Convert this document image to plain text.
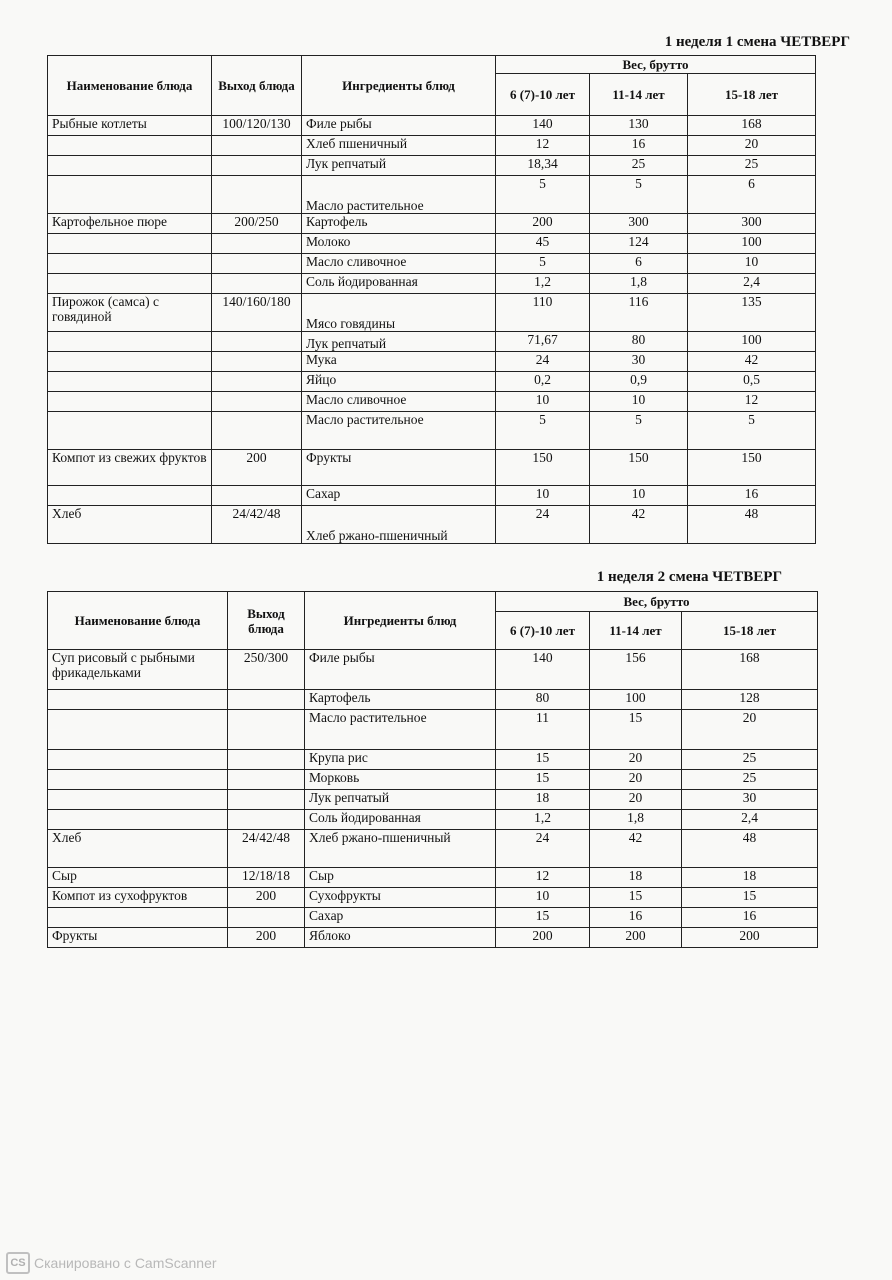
1 неделя 1 смена ЧЕТВЕРГ
Наименование блюда	Выход блюда	Ингредиенты блюд	Вес, брутто		
			6 (7)-10 лет	11-14 лет	15-18 лет
Рыбные котлеты	100/120/130	Филе рыбы	140	130	168
		Хлеб пшеничный	12	16	20
		Лук репчатый	18,34	25	25
		Масло растительное	5	5	6
Картофельное пюре	200/250	Картофель	200	300	300
		Молоко	45	124	100
		Масло сливочное	5	6	10
		Соль йодированная	1,2	1,8	2,4
Пирожок (самса) с говядиной	140/160/180	Мясо говядины	110	116	135
		Лук репчатый	71,67	80	100
		Мука	24	30	42
		Яйцо	0,2	0,9	0,5
		Масло сливочное	10	10	12
		Масло растительное	5	5	5
Компот из свежих фруктов	200	Фрукты	150	150	150
		Сахар	10	10	16
Хлеб	24/42/48	Хлеб ржано-пшеничный	24	42	48
1 неделя 2 смена ЧЕТВЕРГ
Наименование блюда	Выход блюда	Ингредиенты блюд	Вес, брутто		
			6 (7)-10 лет	11-14 лет	15-18 лет
Суп рисовый с рыбными фрикадельками	250/300	Филе рыбы	140	156	168
		Картофель	80	100	128
		Масло растительное	11	15	20
		Крупа рис	15	20	25
		Морковь	15	20	25
		Лук репчатый	18	20	30
		Соль йодированная	1,2	1,8	2,4
Хлеб	24/42/48	Хлеб ржано-пшеничный	24	42	48
Сыр	12/18/18	Сыр	12	18	18
Компот из сухофруктов	200	Сухофрукты	10	15	15
		Сахар	15	16	16
Фрукты	200	Яблоко	200	200	200
CS Сканировано с CamScanner
